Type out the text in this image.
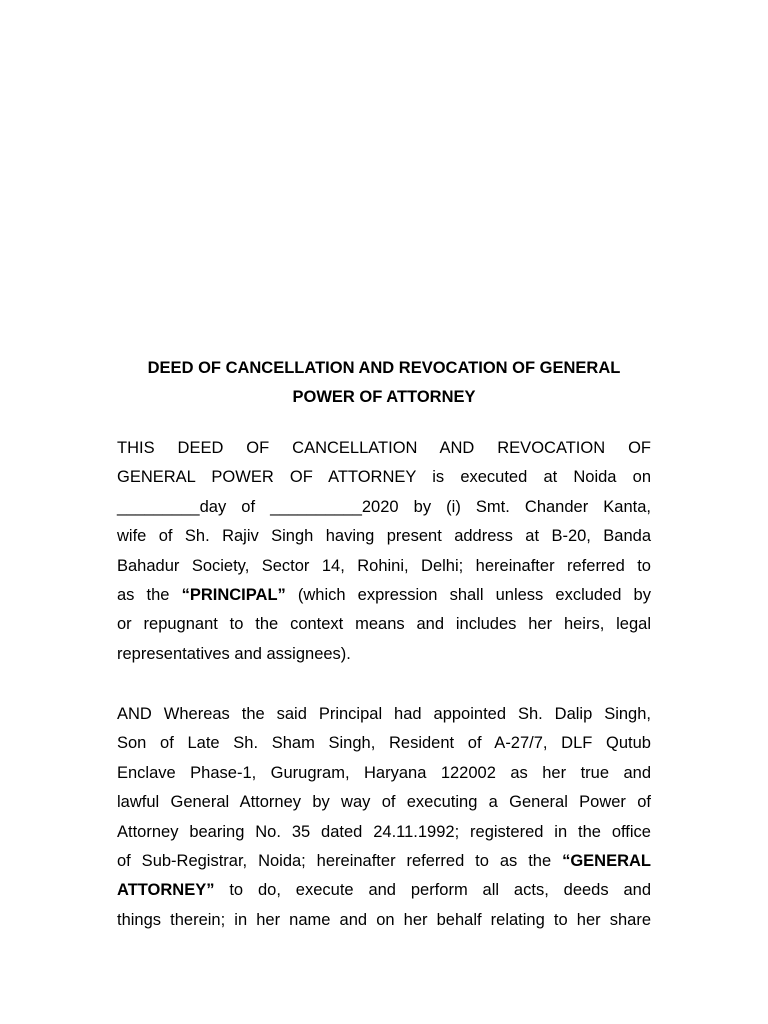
DEED OF CANCELLATION AND REVOCATION OF GENERAL

POWER OF ATTORNEY

THIS DEED OF CANCELLATION AND REVOCATION OF
GENERAL POWER OF ATTORNEY is executed at Noida on
_________day of __________2020 by (i) Smt. Chander Kanta,
wife of Sh. Rajiv Singh having present address at B-20, Banda
Bahadur Society, Sector 14, Rohini, Delhi; hereinafter referred to
as the “PRINCIPAL” (which expression shall unless excluded by
or repugnant to the context means and includes her heirs, legal
representatives and assignees).
AND Whereas the said Principal had appointed Sh. Dalip Singh,
Son of Late Sh. Sham Singh, Resident of A-27/7, DLF Qutub
Enclave Phase-1, Gurugram, Haryana 122002 as her true and
lawful General Attorney by way of executing a General Power of
Attorney bearing No. 35 dated 24.11.1992; registered in the office
of Sub-Registrar, Noida; hereinafter referred to as the “GENERAL
ATTORNEY” to do, execute and perform all acts, deeds and
things therein; in her name and on her behalf relating to her share
